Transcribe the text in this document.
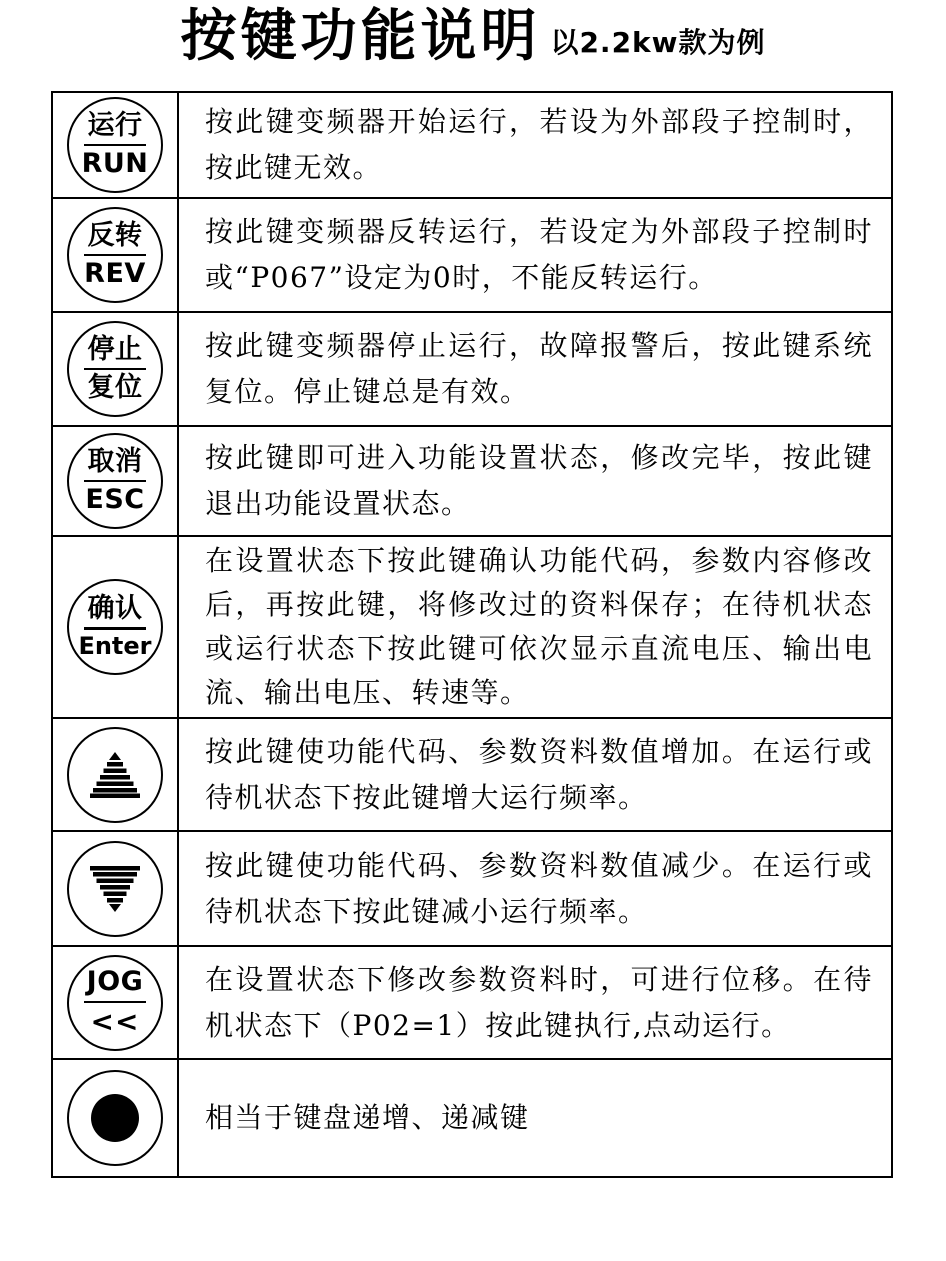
按键功能说明 以2.2kw款为例
运行
RUN

按此键变频器开始运行，若设为外部段子控制时，按此键无效。

反转
REV

按此键变频器反转运行，若设定为外部段子控制时或“P067”设定为0时，不能反转运行。

停止
复位

按此键变频器停止运行，故障报警后，按此键系统复位。停止键总是有效。

取消
ESC

按此键即可进入功能设置状态，修改完毕，按此键退出功能设置状态。

确认
Enter

在设置状态下按此键确认功能代码，参数内容修改后，再按此键，将修改过的资料保存；在待机状态或运行状态下按此键可依次显示直流电压、输出电流、输出电压、转速等。

按此键使功能代码、参数资料数值增加。在运行或待机状态下按此键增大运行频率。

按此键使功能代码、参数资料数值减少。在运行或待机状态下按此键减小运行频率。

JOG
<<

在设置状态下修改参数资料时，可进行位移。在待机状态下（P02=1）按此键执行,点动运行。

相当于键盘递增、递减键
